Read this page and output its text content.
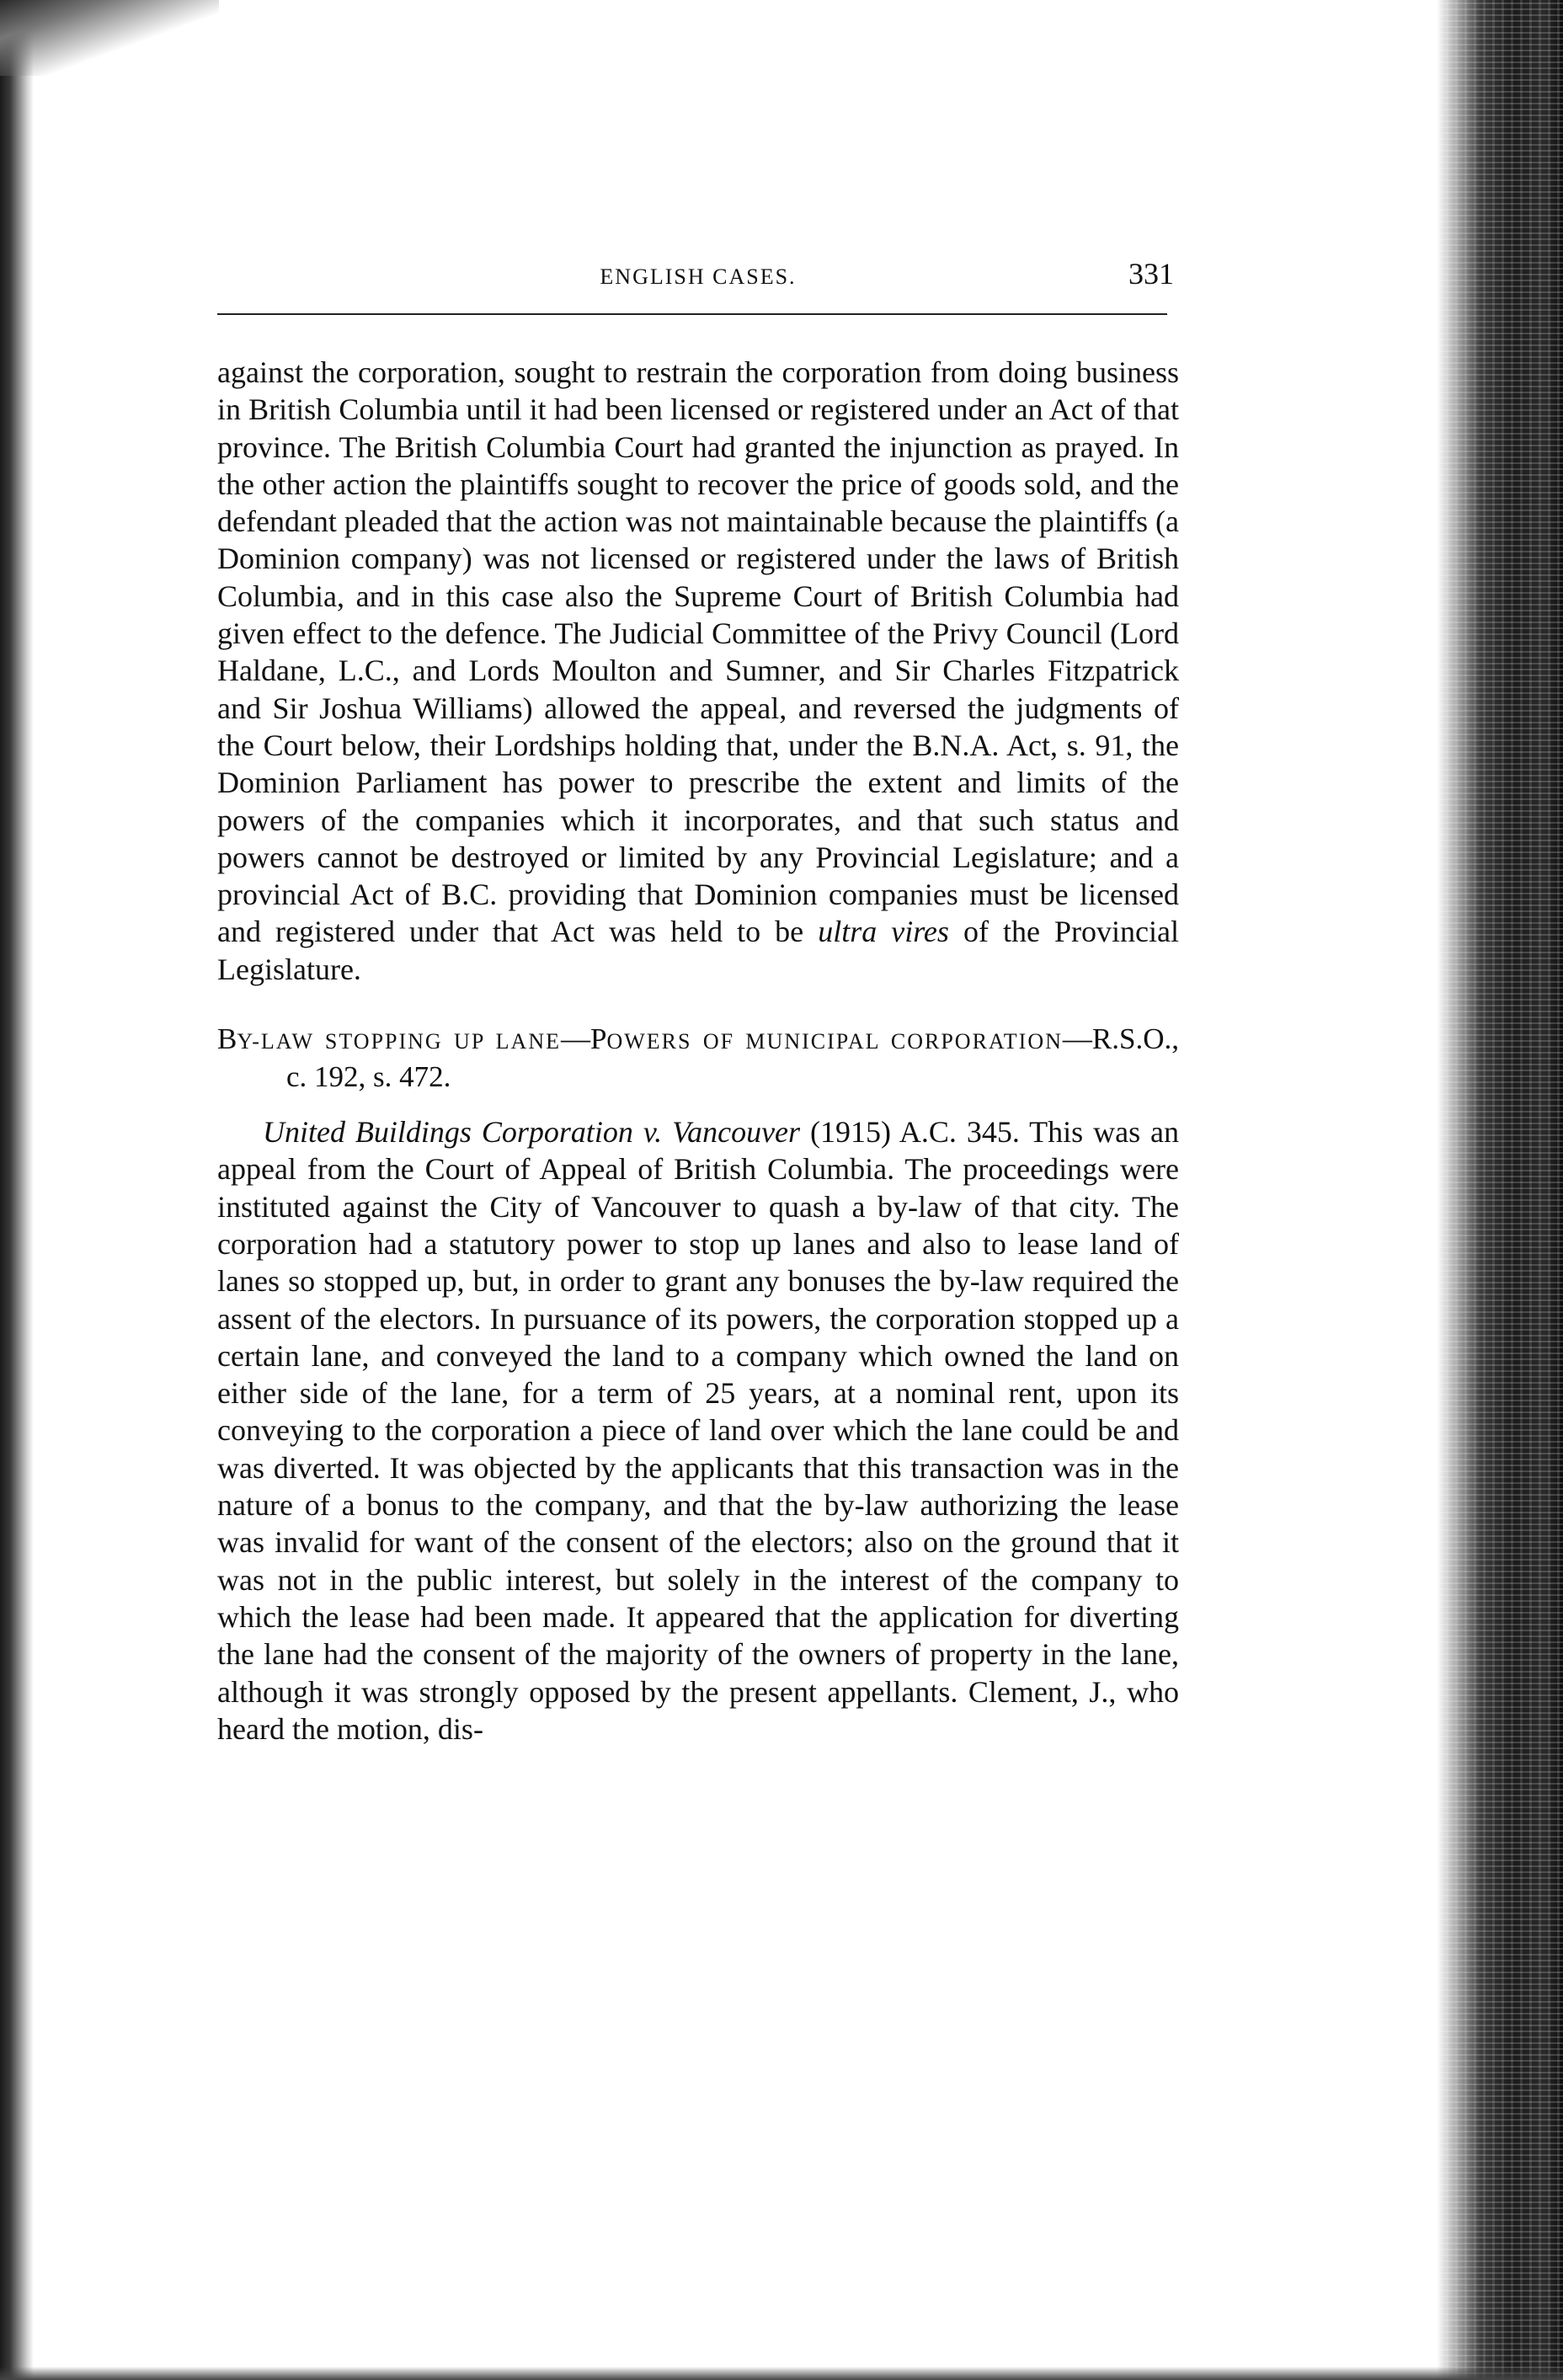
ENGLISH CASES.	331

against the corporation, sought to restrain the corporation from doing business in British Columbia until it had been licensed or registered under an Act of that province. The British Columbia Court had granted the injunction as prayed. In the other action the plaintiffs sought to recover the price of goods sold, and the defendant pleaded that the action was not maintainable because the plaintiffs (a Dominion company) was not licensed or registered under the laws of British Columbia, and in this case also the Supreme Court of British Columbia had given effect to the defence. The Judicial Committee of the Privy Council (Lord Haldane, L.C., and Lords Moulton and Sumner, and Sir Charles Fitzpatrick and Sir Joshua Williams) allowed the appeal, and reversed the judgments of the Court below, their Lordships holding that, under the B.N.A. Act, s. 91, the Dominion Parliament has power to prescribe the extent and limits of the powers of the companies which it incorporates, and that such status and powers cannot be destroyed or limited by any Provincial Legislature; and a provincial Act of B.C. providing that Dominion companies must be licensed and registered under that Act was held to be ultra vires of the Provincial Legislature.

BY-LAW STOPPING UP LANE—POWERS OF MUNICIPAL CORPORATION—R.S.O., c. 192, s. 472.

United Buildings Corporation v. Vancouver (1915) A.C. 345. This was an appeal from the Court of Appeal of British Columbia. The proceedings were instituted against the City of Vancouver to quash a by-law of that city. The corporation had a statutory power to stop up lanes and also to lease land of lanes so stopped up, but, in order to grant any bonuses the by-law required the assent of the electors. In pursuance of its powers, the corporation stopped up a certain lane, and conveyed the land to a company which owned the land on either side of the lane, for a term of 25 years, at a nominal rent, upon its conveying to the corporation a piece of land over which the lane could be and was diverted. It was objected by the applicants that this transaction was in the nature of a bonus to the company, and that the by-law authorizing the lease was invalid for want of the consent of the electors; also on the ground that it was not in the public interest, but solely in the interest of the company to which the lease had been made. It appeared that the application for diverting the lane had the consent of the majority of the owners of property in the lane, although it was strongly opposed by the present appellants. Clement, J., who heard the motion, dis-
